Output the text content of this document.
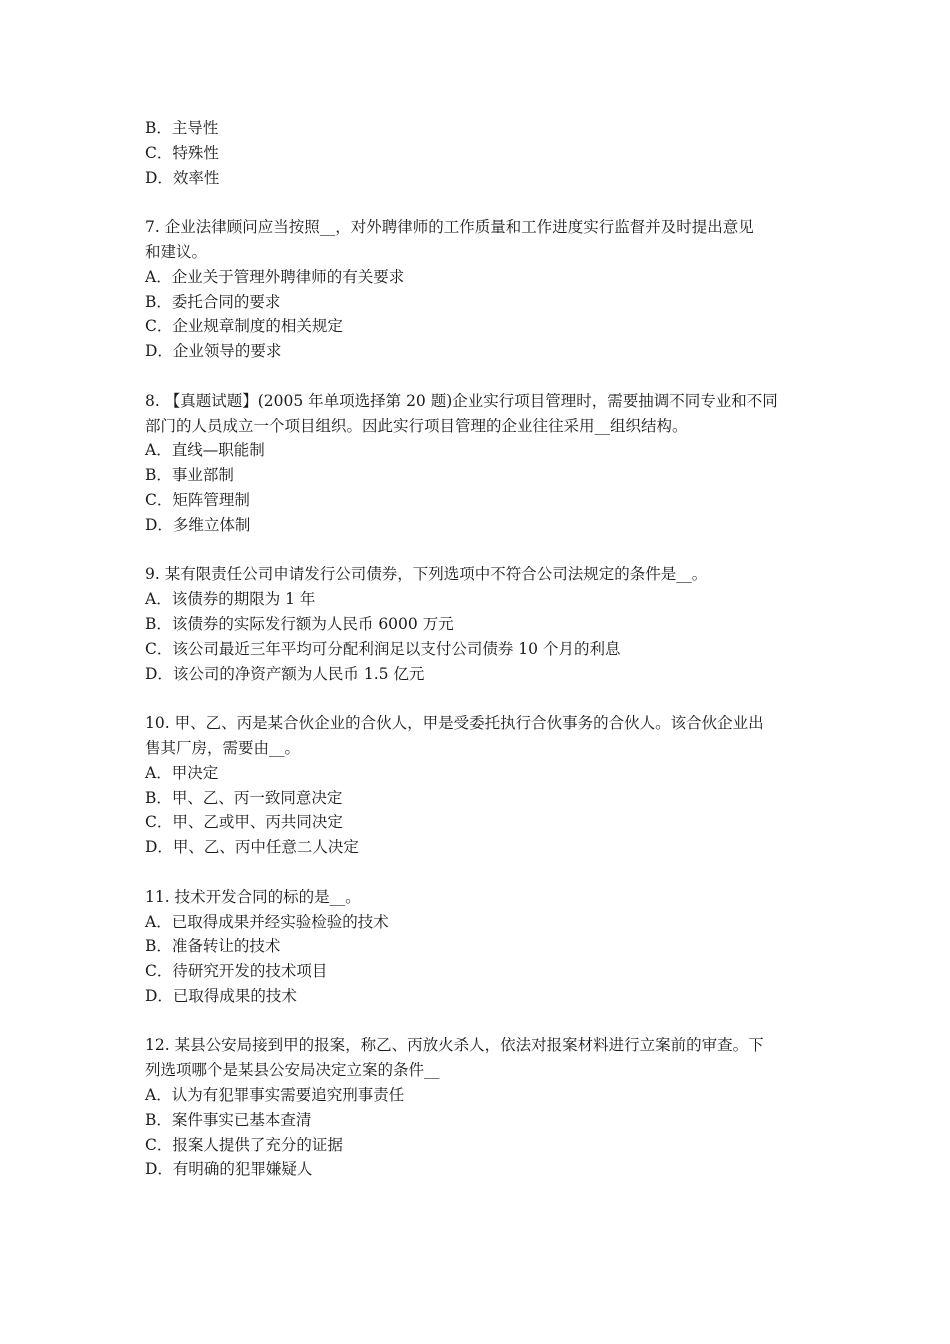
B．主导性
C．特殊性
D．效率性
7. 企业法律顾问应当按照__，对外聘律师的工作质量和工作进度实行监督并及时提出意见
和建议。
A．企业关于管理外聘律师的有关要求
B．委托合同的要求
C．企业规章制度的相关规定
D．企业领导的要求
8. 【真题试题】(2005 年单项选择第 20 题)企业实行项目管理时，需要抽调不同专业和不同
部门的人员成立一个项目组织。因此实行项目管理的企业往往采用__组织结构。
A．直线—职能制
B．事业部制
C．矩阵管理制
D．多维立体制
9. 某有限责任公司申请发行公司债券，下列选项中不符合公司法规定的条件是__。
A．该债券的期限为 1 年
B．该债券的实际发行额为人民币 6000 万元
C．该公司最近三年平均可分配利润足以支付公司债券 10 个月的利息
D．该公司的净资产额为人民币 1.5 亿元
10. 甲、乙、丙是某合伙企业的合伙人，甲是受委托执行合伙事务的合伙人。该合伙企业出
售其厂房，需要由__。
A．甲决定
B．甲、乙、丙一致同意决定
C．甲、乙或甲、丙共同决定
D．甲、乙、丙中任意二人决定
11. 技术开发合同的标的是__。
A．已取得成果并经实验检验的技术
B．准备转让的技术
C．待研究开发的技术项目
D．已取得成果的技术
12. 某县公安局接到甲的报案，称乙、丙放火杀人，依法对报案材料进行立案前的审查。下
列选项哪个是某县公安局决定立案的条件__
A．认为有犯罪事实需要追究刑事责任
B．案件事实已基本查清
C．报案人提供了充分的证据
D．有明确的犯罪嫌疑人
